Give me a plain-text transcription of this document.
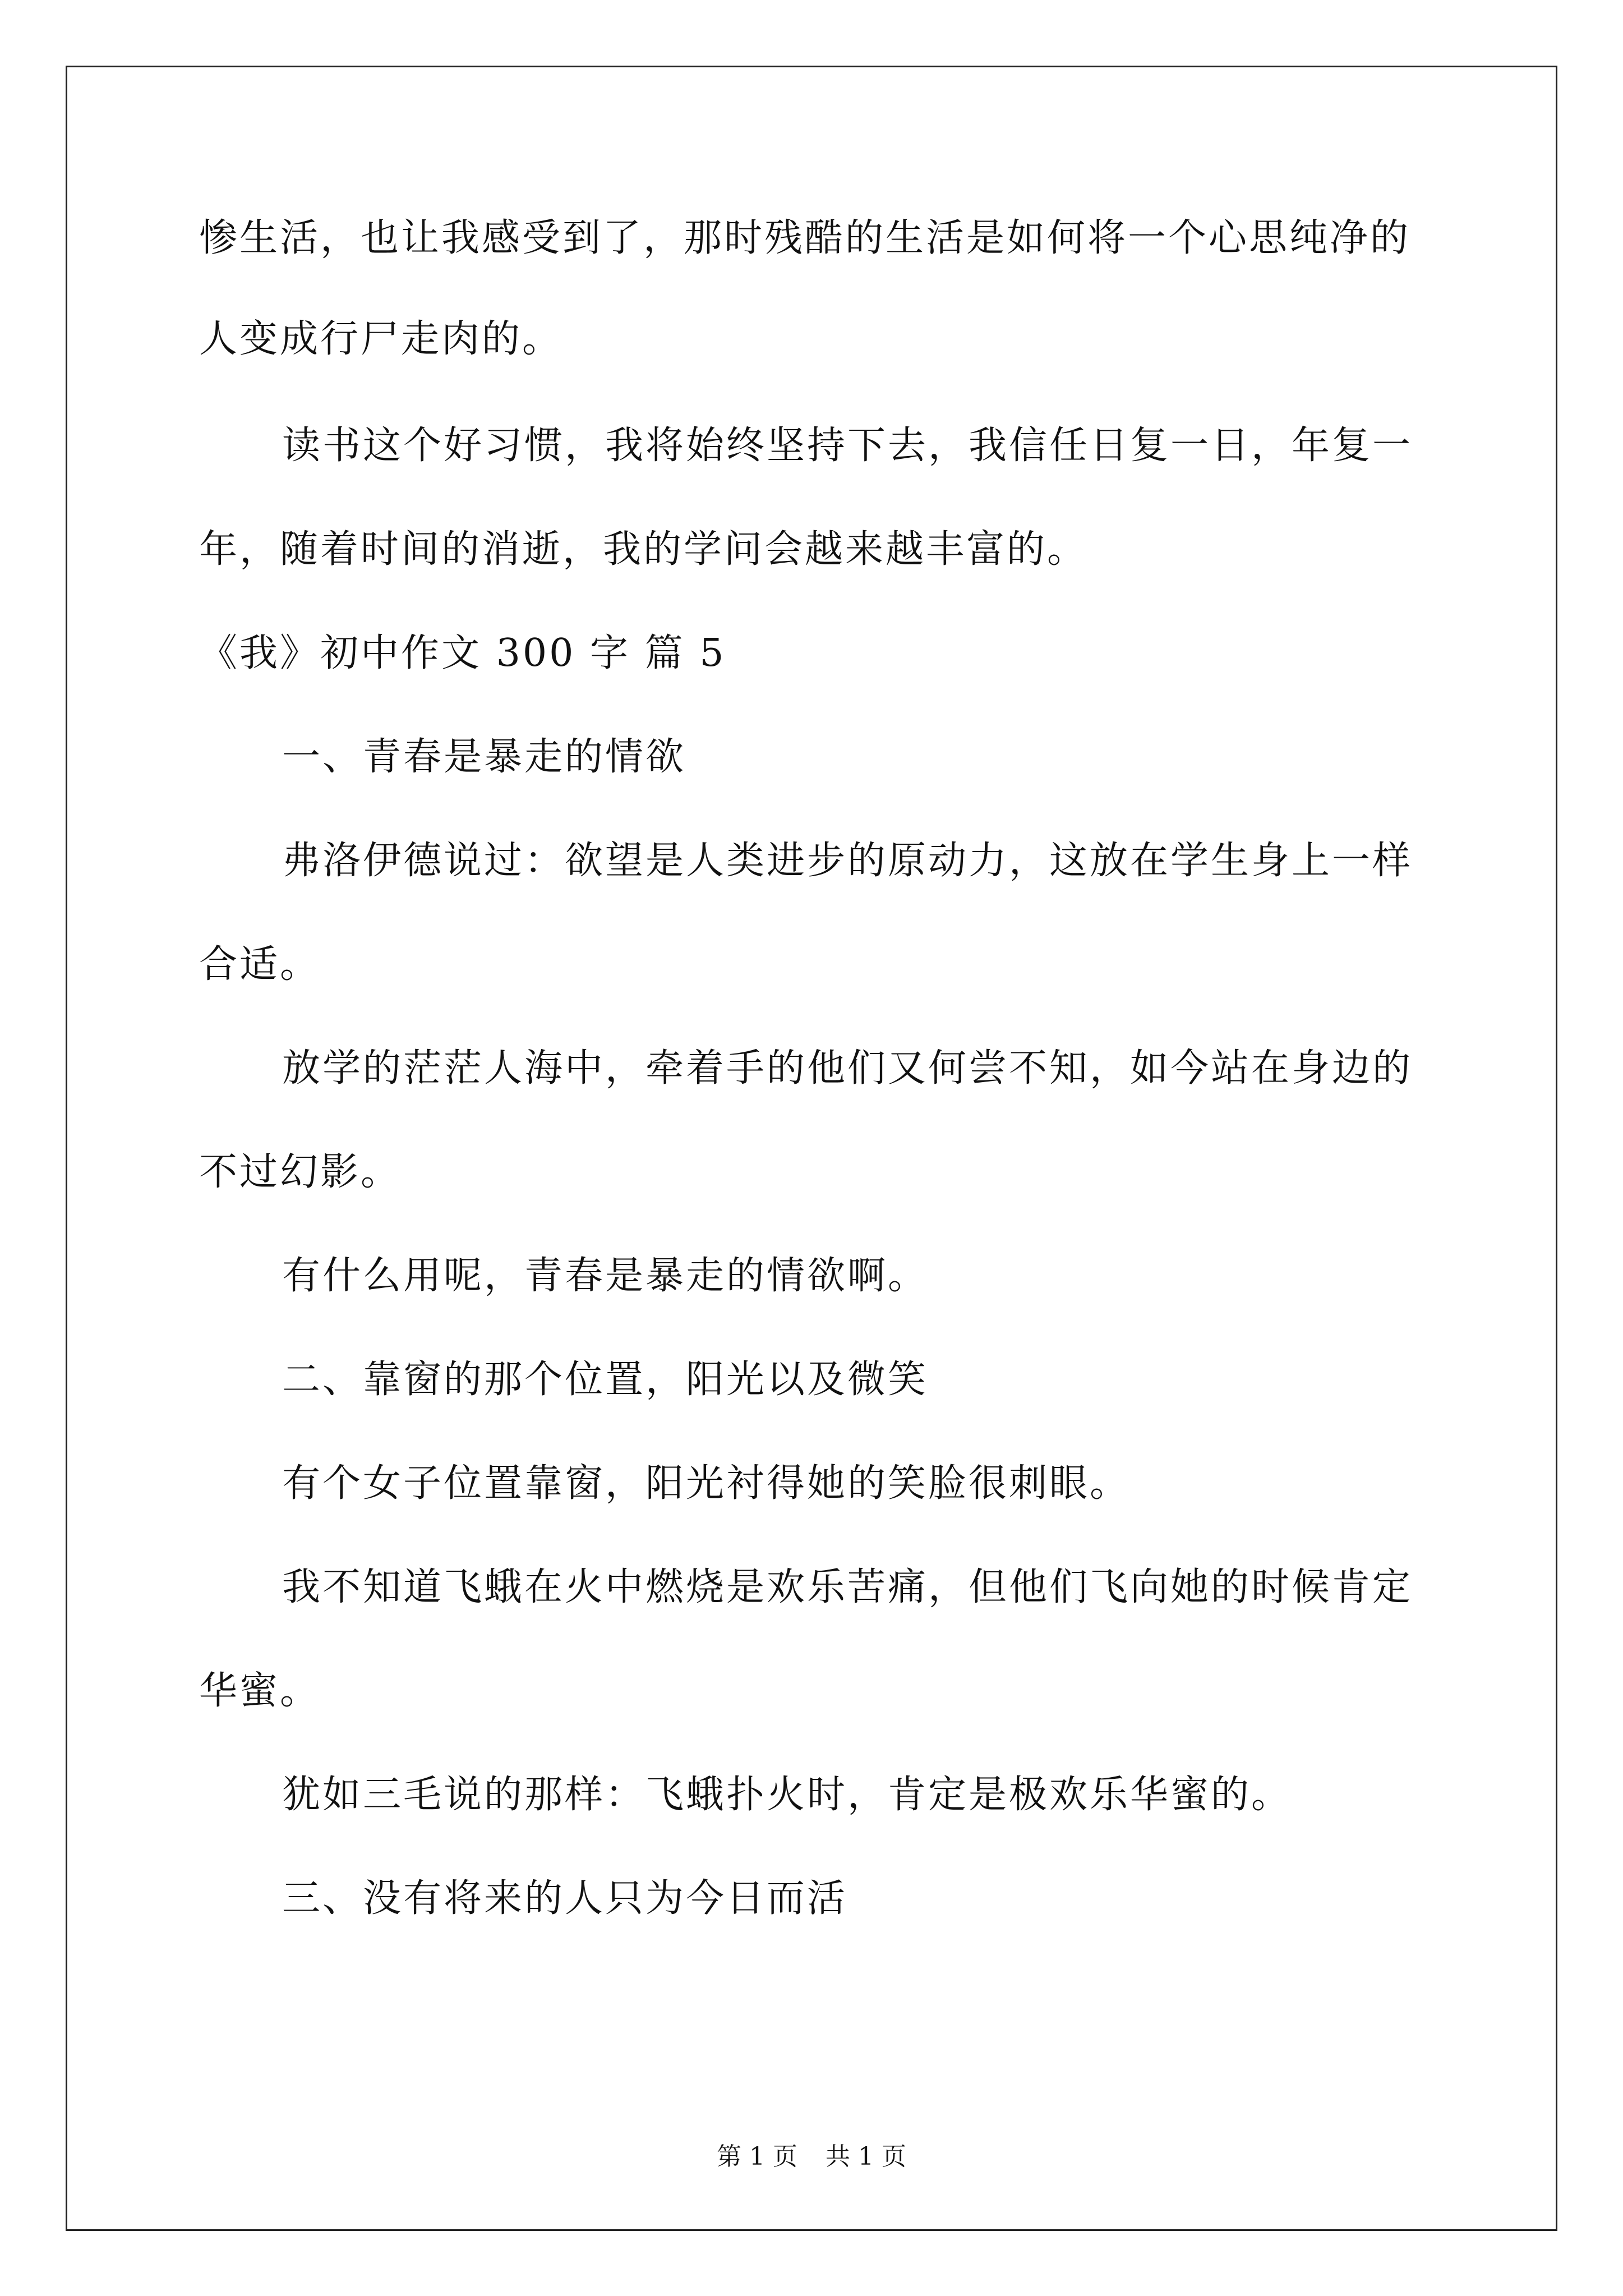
惨生活，也让我感受到了，那时残酷的生活是如何将一个心思纯净的
人变成行尸走肉的。
读书这个好习惯，我将始终坚持下去，我信任日复一日，年复一
年，随着时间的消逝，我的学问会越来越丰富的。
《我》初中作文 300 字 篇 5
一、青春是暴走的情欲
弗洛伊德说过：欲望是人类进步的原动力，这放在学生身上一样
合适。
放学的茫茫人海中，牵着手的他们又何尝不知，如今站在身边的
不过幻影。
有什么用呢，青春是暴走的情欲啊。
二、靠窗的那个位置，阳光以及微笑
有个女子位置靠窗，阳光衬得她的笑脸很刺眼。
我不知道飞蛾在火中燃烧是欢乐苦痛，但他们飞向她的时候肯定
华蜜。
犹如三毛说的那样：飞蛾扑火时，肯定是极欢乐华蜜的。
三、没有将来的人只为今日而活
第 1 页 共 1 页
